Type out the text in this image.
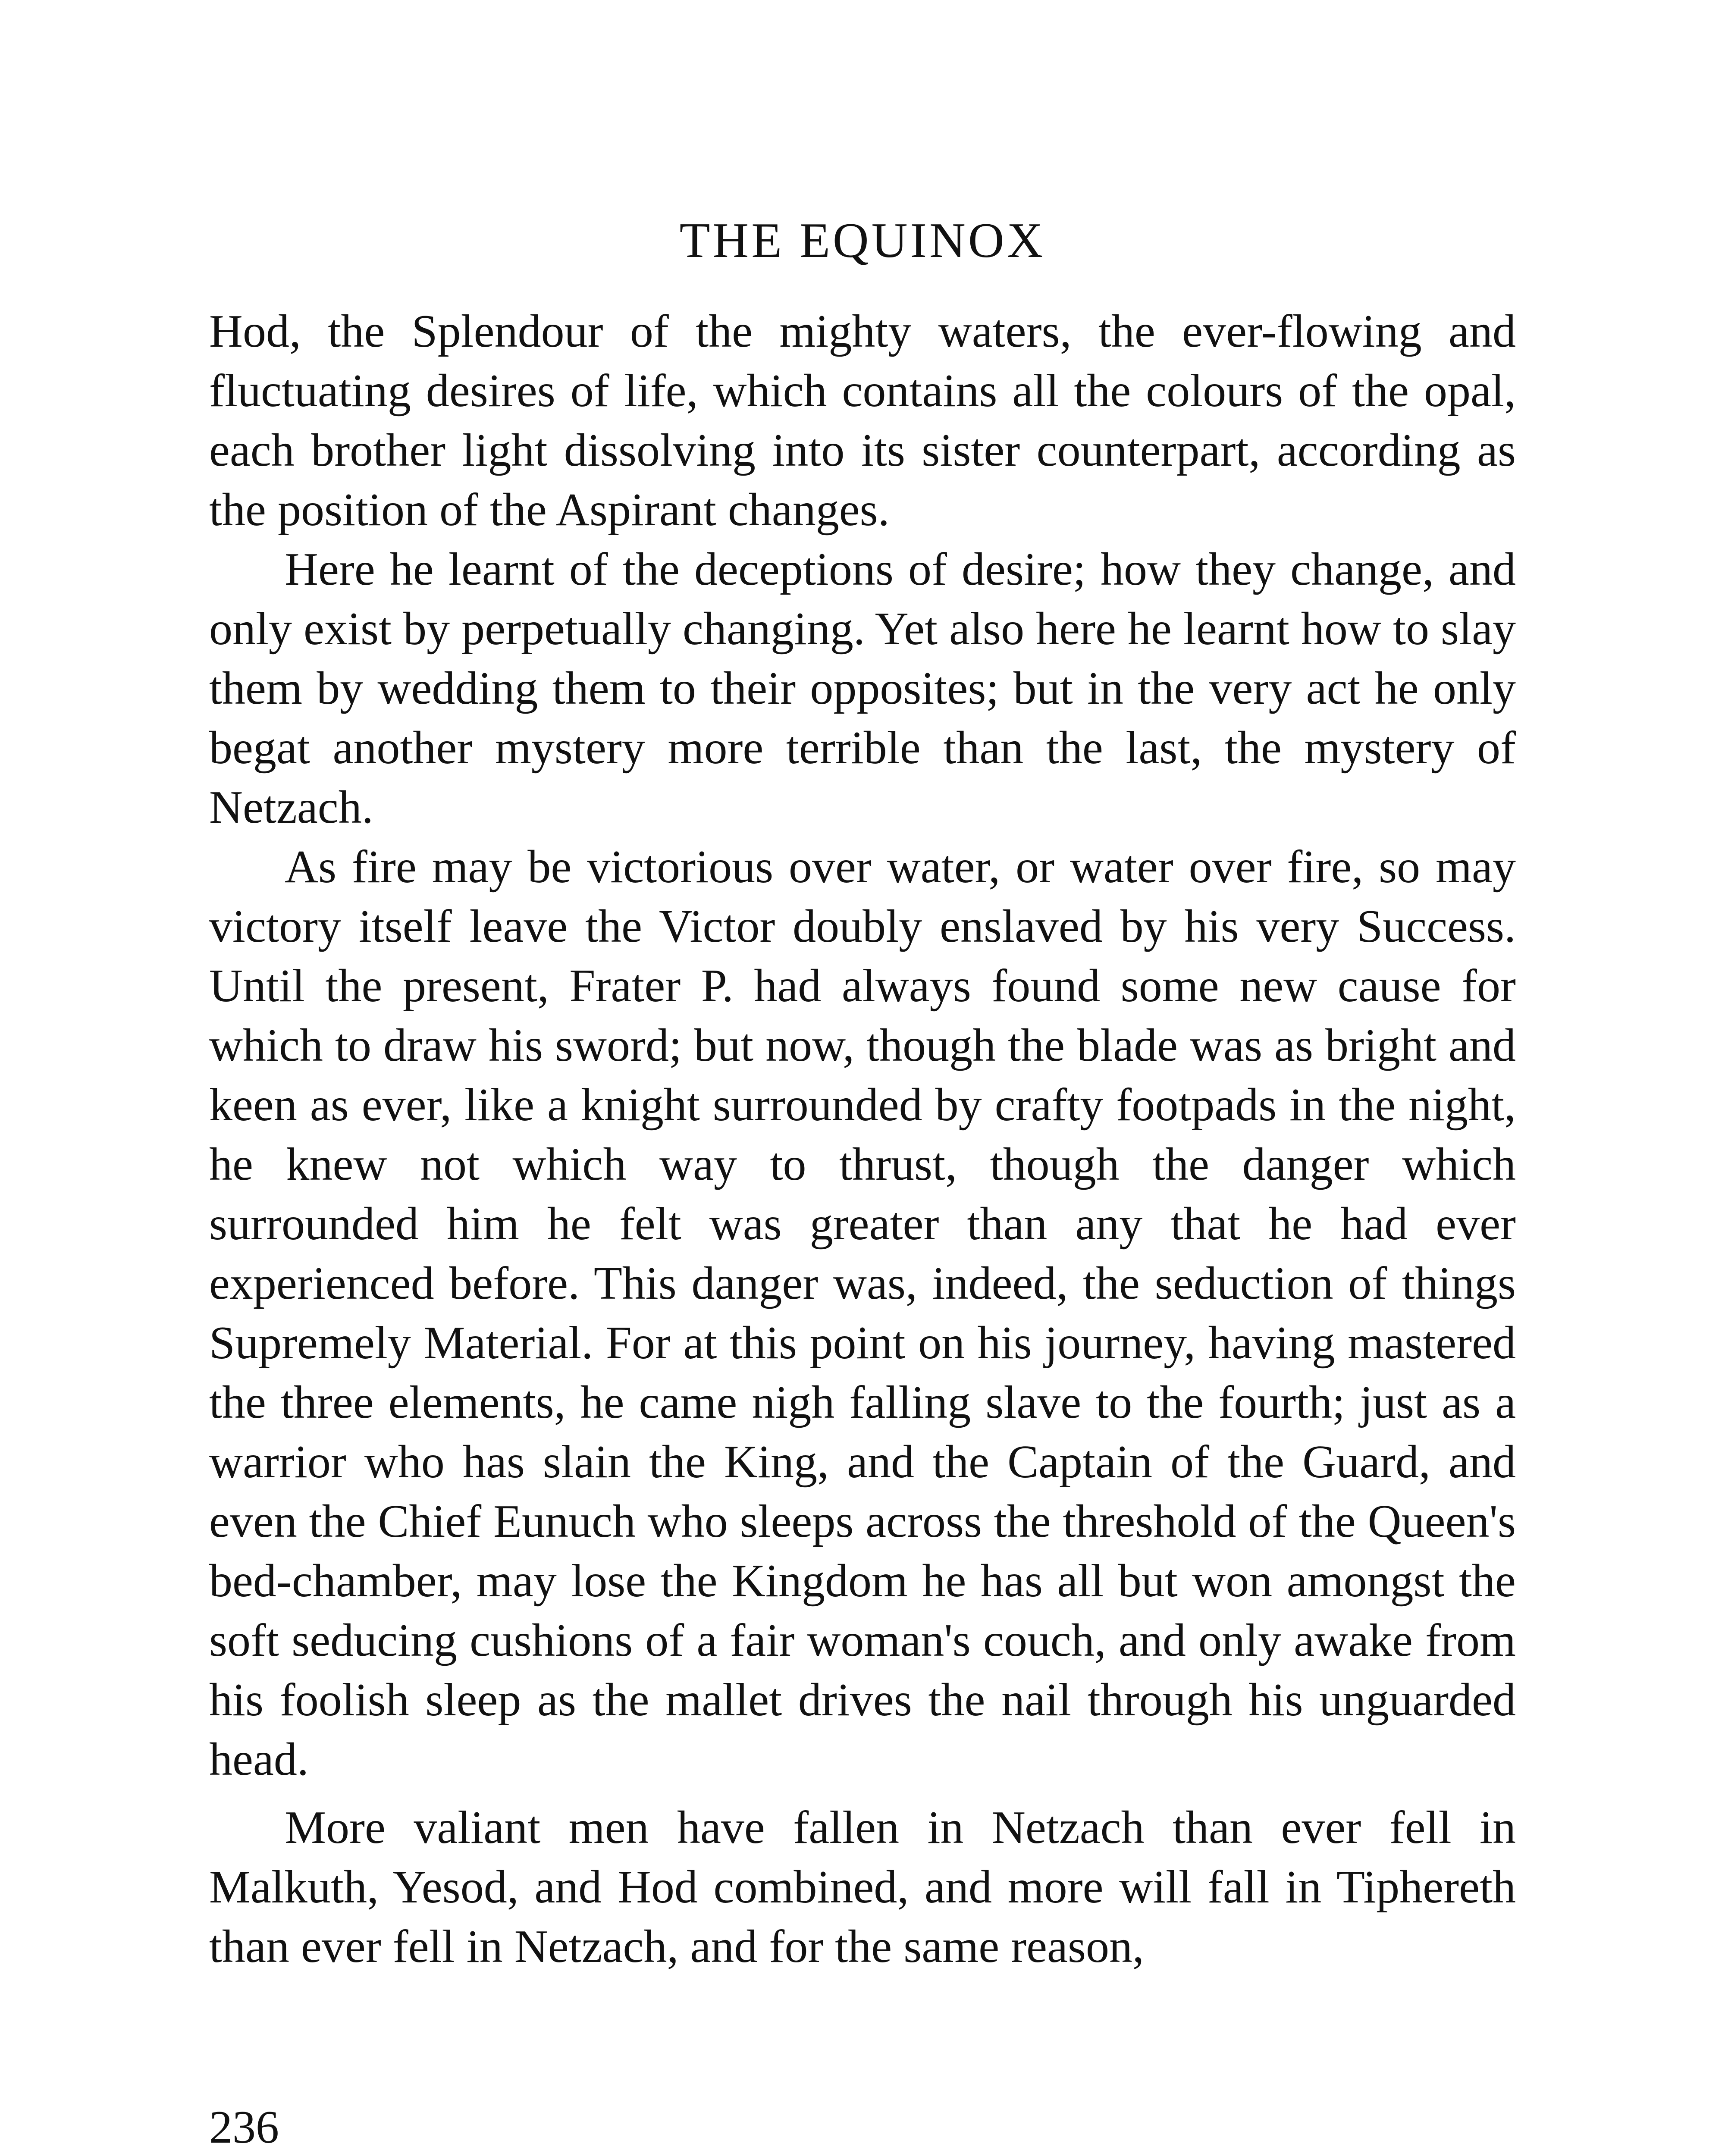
THE EQUINOX

Hod, the Splendour of the mighty waters, the ever-flowing and fluctuating desires of life, which contains all the colours of the opal, each brother light dissolving into its sister counterpart, according as the position of the Aspirant changes.

Here he learnt of the deceptions of desire; how they change, and only exist by perpetually changing. Yet also here he learnt how to slay them by wedding them to their opposites; but in the very act he only begat another mystery more terrible than the last, the mystery of Netzach.

As fire may be victorious over water, or water over fire, so may victory itself leave the Victor doubly enslaved by his very Success. Until the present, Frater P. had always found some new cause for which to draw his sword; but now, though the blade was as bright and keen as ever, like a knight surrounded by crafty footpads in the night, he knew not which way to thrust, though the danger which surrounded him he felt was greater than any that he had ever experienced before. This danger was, indeed, the seduction of things Supremely Material. For at this point on his journey, having mastered the three elements, he came nigh falling slave to the fourth; just as a warrior who has slain the King, and the Captain of the Guard, and even the Chief Eunuch who sleeps across the threshold of the Queen's bed-chamber, may lose the Kingdom he has all but won amongst the soft seducing cushions of a fair woman's couch, and only awake from his foolish sleep as the mallet drives the nail through his unguarded head.

More valiant men have fallen in Netzach than ever fell in Malkuth, Yesod, and Hod combined, and more will fall in Tiphereth than ever fell in Netzach, and for the same reason,

236
